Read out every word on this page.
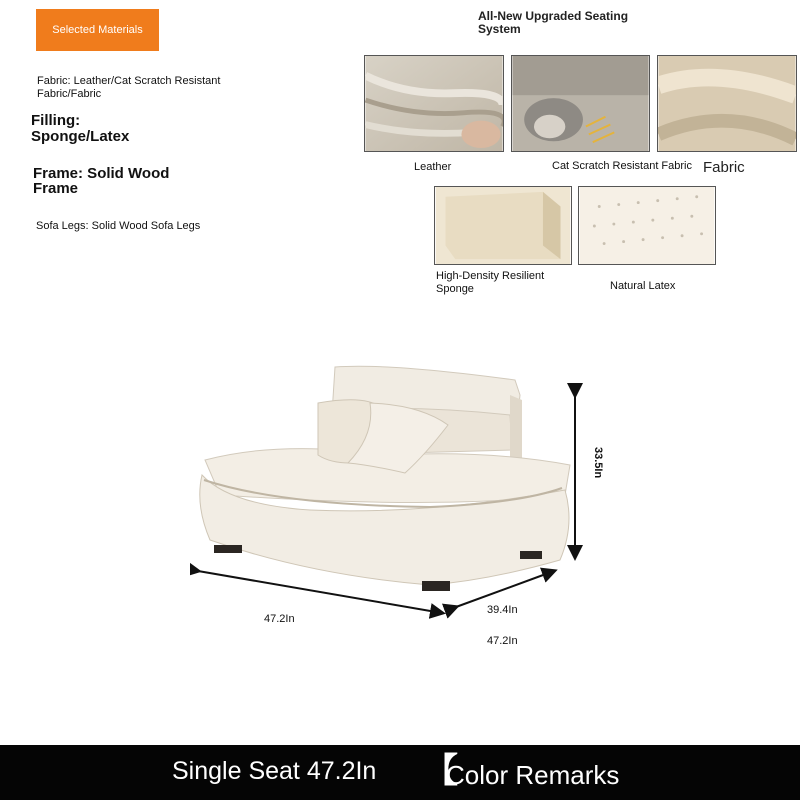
Selected Materials
All-New Upgraded Seating System
Fabric: Leather/Cat Scratch Resistant Fabric/Fabric
Filling: Sponge/Latex
Frame: Solid Wood Frame
Sofa Legs: Solid Wood Sofa Legs
Leather	Cat Scratch Resistant Fabric Fabric
High-Density Resilient Sponge	Natural Latex
33.5In
47.2In
39.4In
47.2In
Single Seat 47.2In 【
Color Remarks
